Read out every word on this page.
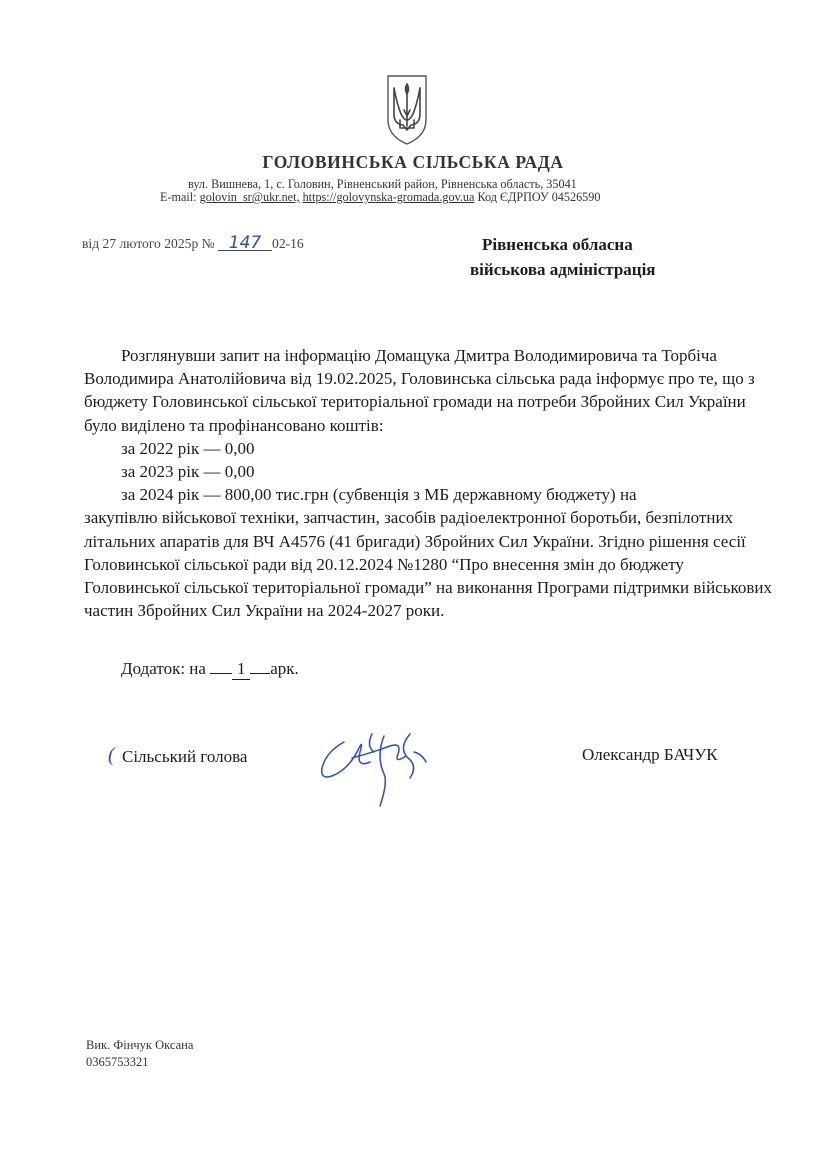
ГОЛОВИНСЬКА СІЛЬСЬКА РАДА
вул. Вишнева, 1, с. Головин, Рівненський район, Рівненська область, 35041
E-mail: golovin_sr@ukr.net, https://golovynska-gromada.gov.ua Код ЄДРПОУ 04526590
від 27 лютого 2025р № 147 02-16	Рівненська обласна
військова адміністрація

Розглянувши запит на інформацію Домащука Дмитра Володимировича та Торбіча Володимира Анатолійовича від 19.02.2025, Головинська сільська рада інформує про те, що з бюджету Головинської сільської територіальної громади на потреби Збройних Сил України було виділено та профінансовано коштів:

за 2022 рік — 0,00

за 2023 рік — 0,00

за 2024 рік — 800,00 тис.грн (субвенція з МБ державному бюджету) на

закупівлю військової техніки, запчастин, засобів радіоелектронної боротьби, безпілотних літальних апаратів для ВЧ А4576 (41 бригади) Збройних Сил України. Згідно рішення сесії Головинської сільської ради від 20.12.2024 №1280 “Про внесення змін до бюджету Головинської сільської територіальної громади” на виконання Програми підтримки військових частин Збройних Сил України на 2024-2027 роки.

Додаток: на 1 арк.
( Сільський голова	Олександр БАЧУК
Вик. Фінчук Оксана
0365753321
